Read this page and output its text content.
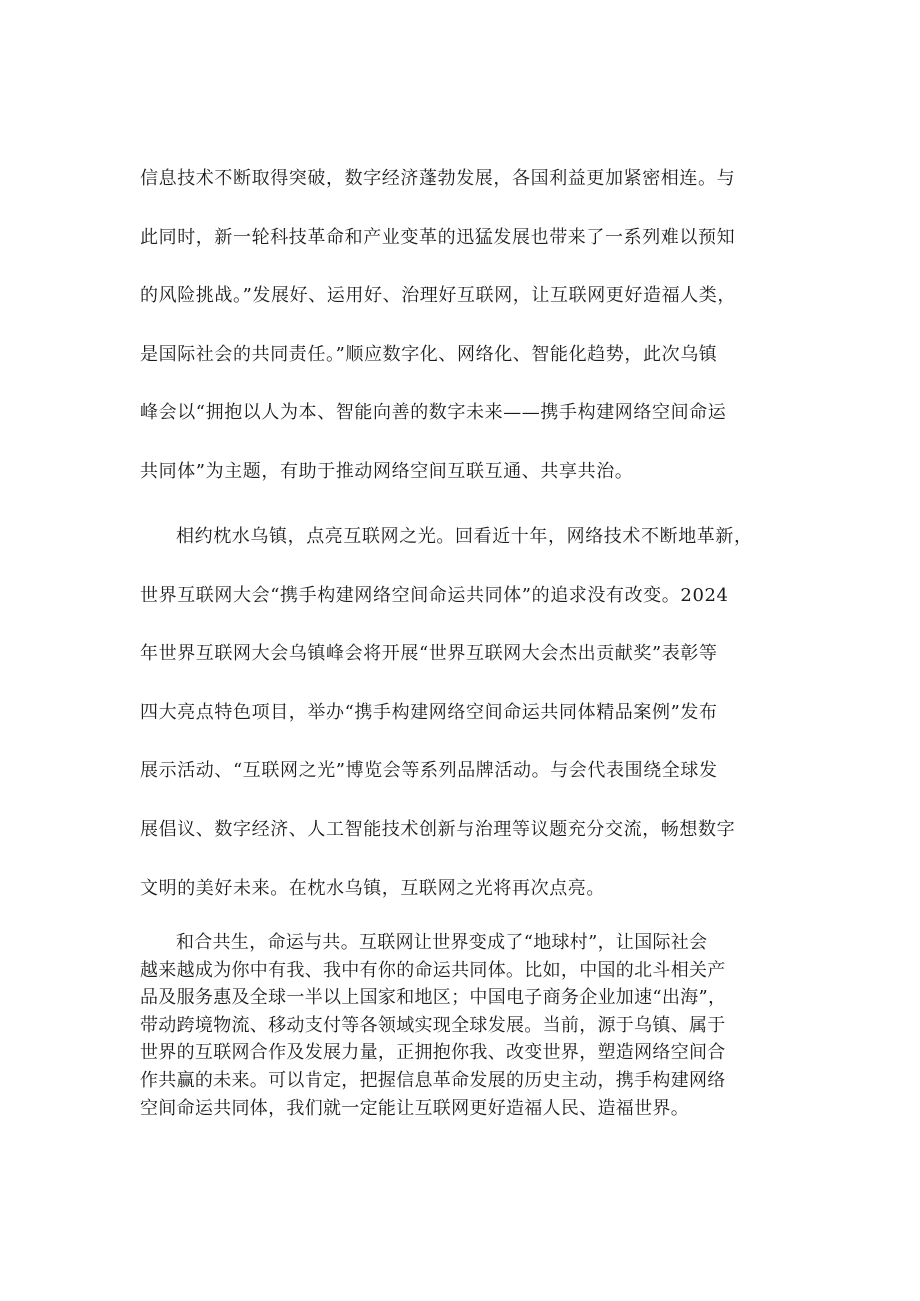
信息技术不断取得突破，数字经济蓬勃发展，各国利益更加紧密相连。与
此同时，新一轮科技革命和产业变革的迅猛发展也带来了一系列难以预知
的风险挑战。”发展好、运用好、治理好互联网，让互联网更好造福人类，
是国际社会的共同责任。”顺应数字化、网络化、智能化趋势，此次乌镇
峰会以“拥抱以人为本、智能向善的数字未来——携手构建网络空间命运
共同体”为主题，有助于推动网络空间互联互通、共享共治。
相约枕水乌镇，点亮互联网之光。回看近十年，网络技术不断地革新，
世界互联网大会“携手构建网络空间命运共同体”的追求没有改变。2024
年世界互联网大会乌镇峰会将开展“世界互联网大会杰出贡献奖”表彰等
四大亮点特色项目，举办“携手构建网络空间命运共同体精品案例”发布
展示活动、“互联网之光”博览会等系列品牌活动。与会代表围绕全球发
展倡议、数字经济、人工智能技术创新与治理等议题充分交流，畅想数字
文明的美好未来。在枕水乌镇，互联网之光将再次点亮。
和合共生，命运与共。互联网让世界变成了“地球村”，让国际社会
越来越成为你中有我、我中有你的命运共同体。比如，中国的北斗相关产
品及服务惠及全球一半以上国家和地区；中国电子商务企业加速“出海”，
带动跨境物流、移动支付等各领域实现全球发展。当前，源于乌镇、属于
世界的互联网合作及发展力量，正拥抱你我、改变世界，塑造网络空间合
作共赢的未来。可以肯定，把握信息革命发展的历史主动，携手构建网络
空间命运共同体，我们就一定能让互联网更好造福人民、造福世界。
